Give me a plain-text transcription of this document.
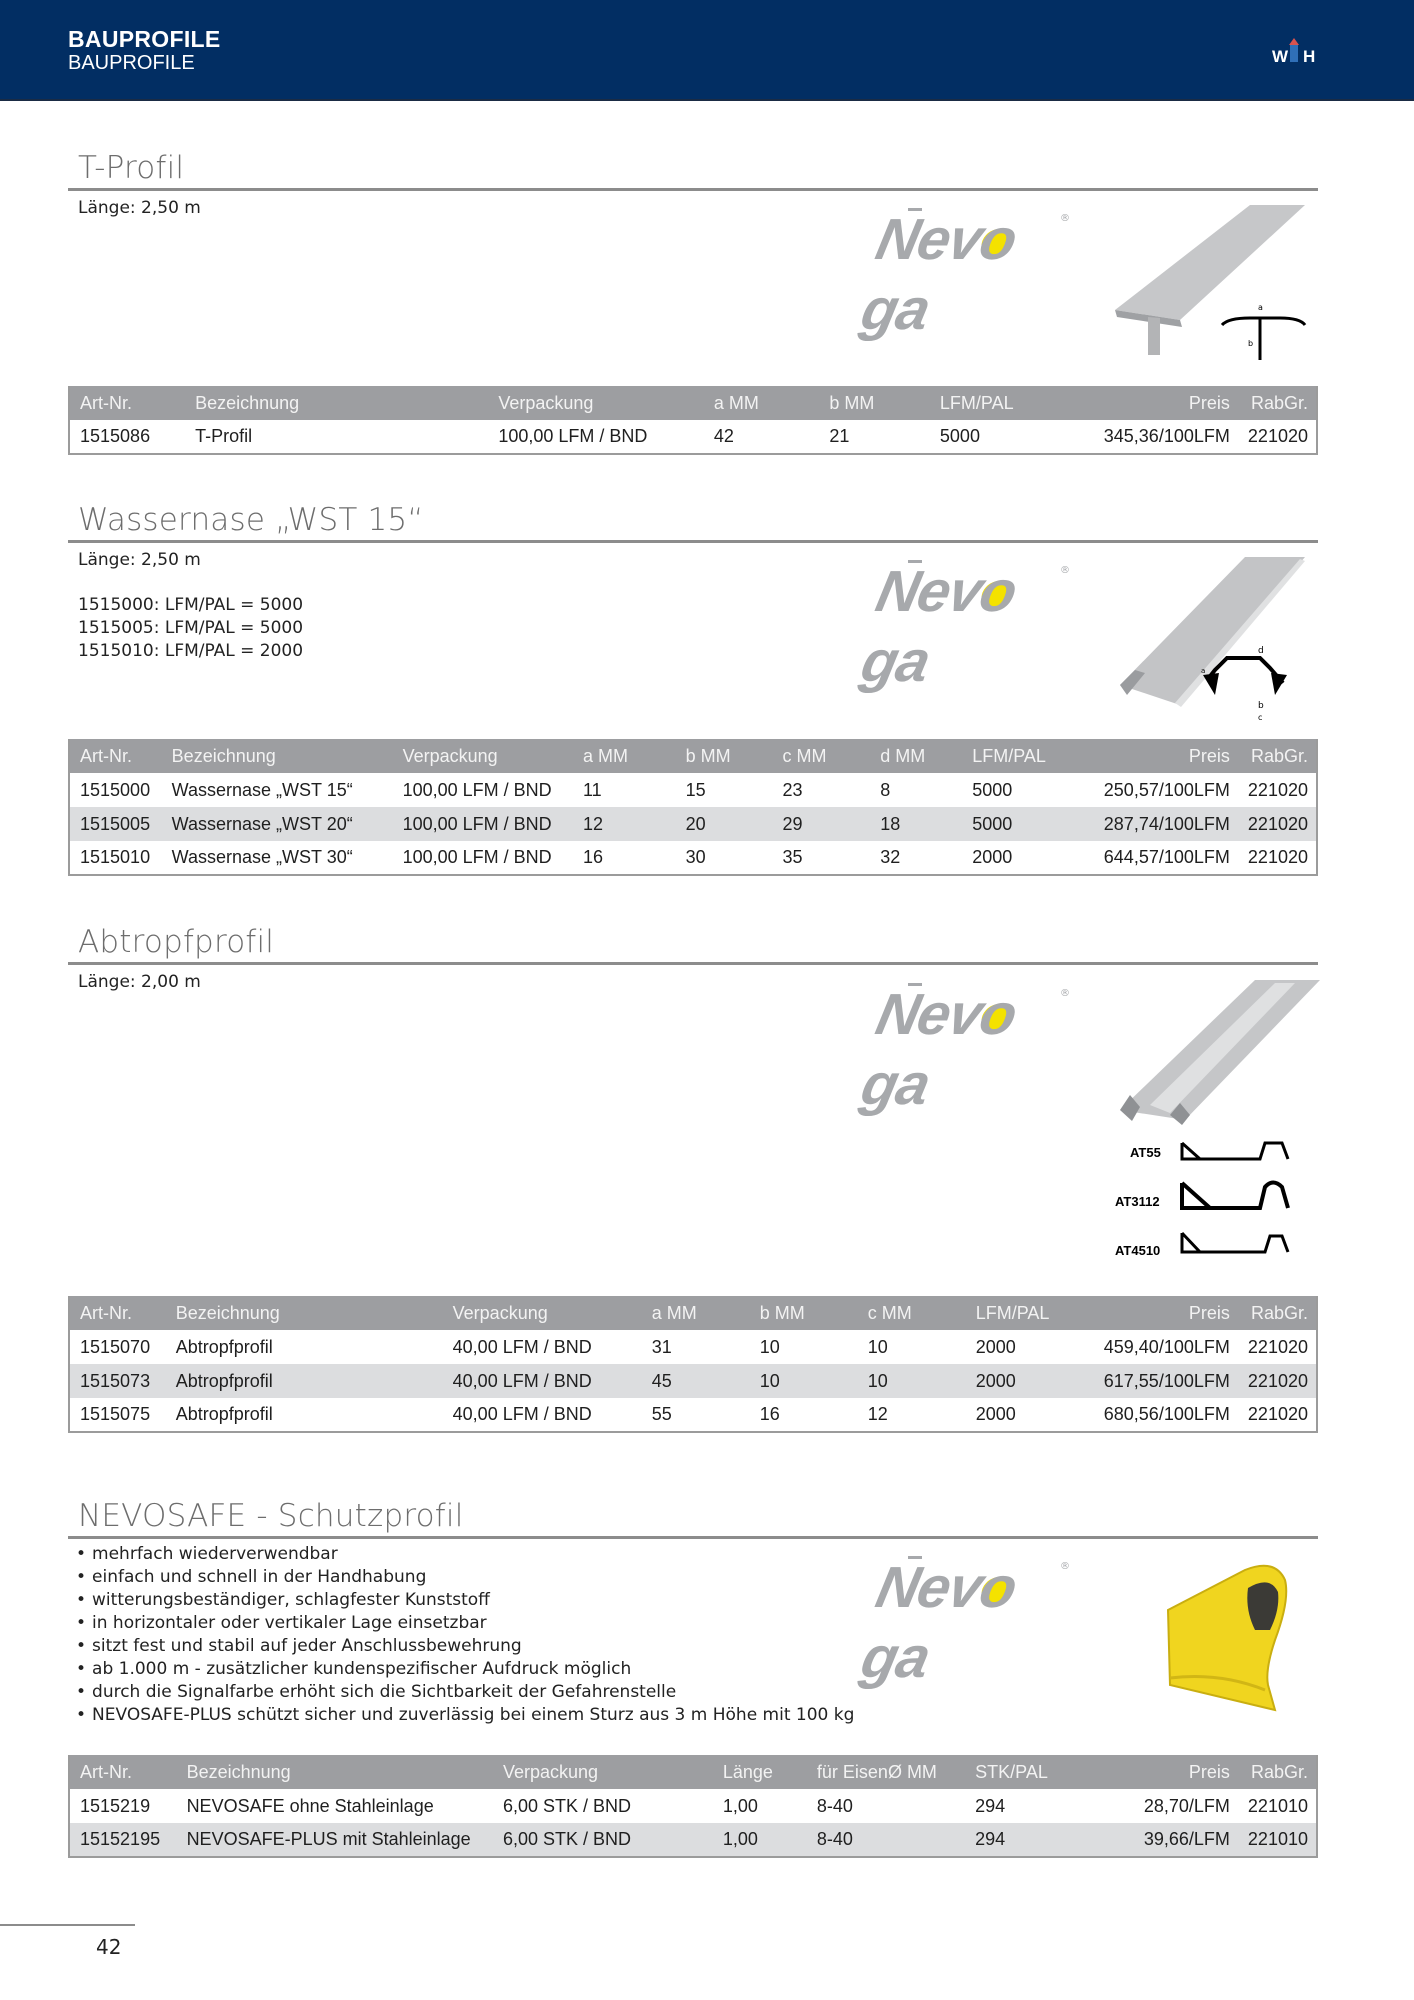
BAUPROFILE
BAUPROFILE	W H
T-Profil
Länge: 2,50 m	Nevoga
®
a
b
Art-Nr.	Bezeichnung	Verpackung	a MM	b MM	LFM/PAL	Preis	RabGr.
1515086	T-Profil	100,00 LFM / BND	42	21	5000	345,36/100LFM	221020
Wassernase „WST 15“
Länge: 2,50 m
1515000: LFM/PAL = 5000
1515005: LFM/PAL = 5000
1515010: LFM/PAL = 2000
Nevoga
®
d
a
b
c
Art-Nr.	Bezeichnung	Verpackung	a MM	b MM	c MM	d MM	LFM/PAL	Preis	RabGr.
1515000	Wassernase „WST 15“	100,00 LFM / BND	11	15	23	8	5000	250,57/100LFM	221020
1515005	Wassernase „WST 20“	100,00 LFM / BND	12	20	29	18	5000	287,74/100LFM	221020
1515010	Wassernase „WST 30“	100,00 LFM / BND	16	30	35	32	2000	644,57/100LFM	221020
Abtropfprofil
Länge: 2,00 m	Nevoga
®
AT55
AT3112
AT4510
Art-Nr.	Bezeichnung	Verpackung	a MM	b MM	c MM	LFM/PAL	Preis	RabGr.
1515070	Abtropfprofil	40,00 LFM / BND	31	10	10	2000	459,40/100LFM	221020
1515073	Abtropfprofil	40,00 LFM / BND	45	10	10	2000	617,55/100LFM	221020
1515075	Abtropfprofil	40,00 LFM / BND	55	16	12	2000	680,56/100LFM	221020
NEVOSAFE - Schutzprofil
• mehrfach wiederverwendbar
• einfach und schnell in der Handhabung
• witterungsbeständiger, schlagfester Kunststoff
• in horizontaler oder vertikaler Lage einsetzbar
• sitzt fest und stabil auf jeder Anschlussbewehrung
• ab 1.000 m - zusätzlicher kundenspezifischer Aufdruck möglich
• durch die Signalfarbe erhöht sich die Sichtbarkeit der Gefahrenstelle
• NEVOSAFE-PLUS schützt sicher und zuverlässig bei einem Sturz aus 3 m Höhe mit 100 kg
Nevoga
®
Art-Nr.	Bezeichnung	Verpackung	Länge	für EisenØ MM	STK/PAL	Preis	RabGr.
1515219	NEVOSAFE ohne Stahleinlage	6,00 STK / BND	1,00	8-40	294	28,70/LFM	221010
15152195	NEVOSAFE-PLUS mit Stahleinlage	6,00 STK / BND	1,00	8-40	294	39,66/LFM	221010
42
